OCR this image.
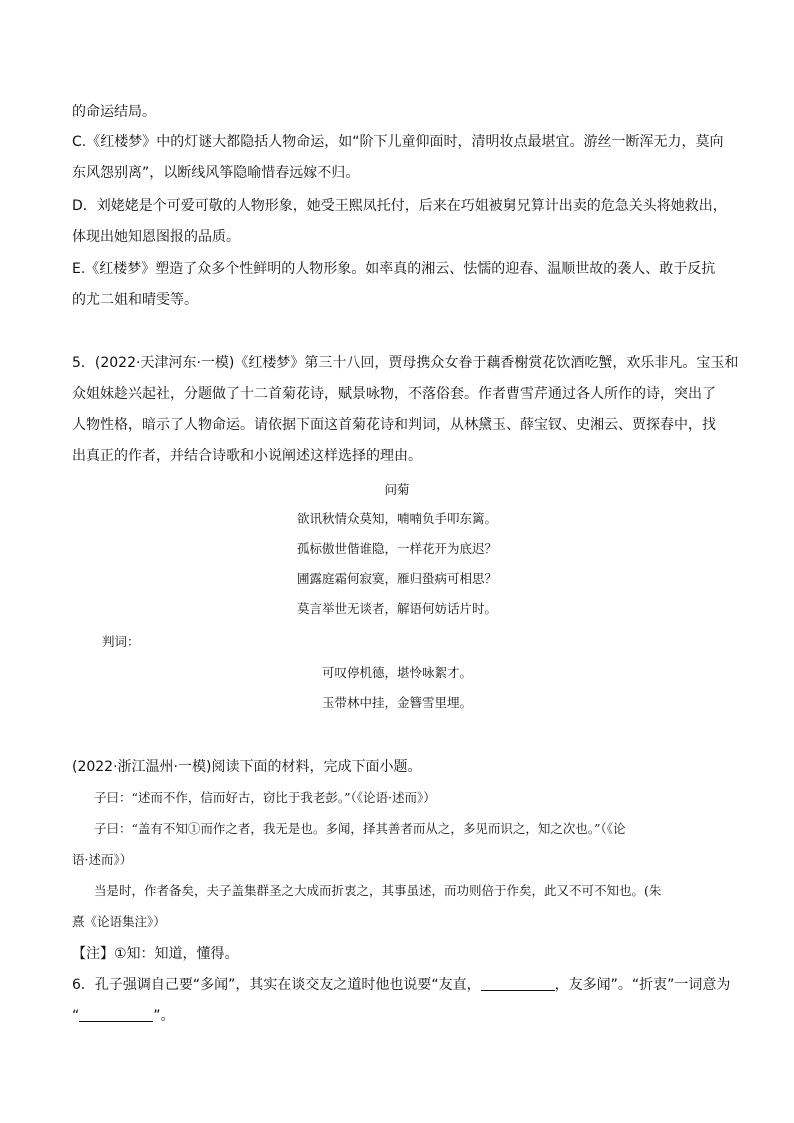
的命运结局。
C.《红楼梦》中的灯谜大都隐括人物命运，如“阶下儿童仰面时，清明妆点最堪宜。游丝一断浑无力，莫向
东风怨别离”，以断线风筝隐喻惜春远嫁不归。
D．刘姥姥是个可爱可敬的人物形象，她受王熙凤托付，后来在巧姐被舅兄算计出卖的危急关头将她救出，
体现出她知恩图报的品质。
E.《红楼梦》塑造了众多个性鲜明的人物形象。如率真的湘云、怯懦的迎春、温顺世故的袭人、敢于反抗
的尤二姐和晴雯等。
5．(2022·天津河东·一模)《红楼梦》第三十八回，贾母携众女眷于藕香榭赏花饮酒吃蟹，欢乐非凡。宝玉和
众姐妹趁兴起社，分题做了十二首菊花诗，赋景咏物，不落俗套。作者曹雪芹通过各人所作的诗，突出了
人物性格，暗示了人物命运。请依据下面这首菊花诗和判词，从林黛玉、薛宝钗、史湘云、贾探春中，找
出真正的作者，并结合诗歌和小说阐述这样选择的理由。
问菊
欲讯秋情众莫知，喃喃负手叩东篱。
孤标傲世偕谁隐，一样花开为底迟？
圃露庭霜何寂寞，雁归蛩病可相思？
莫言举世无谈者，解语何妨话片时。
判词：
可叹停机德，堪怜咏絮才。
玉带林中挂，金簪雪里埋。
(2022·浙江温州·一模)阅读下面的材料，完成下面小题。
子曰：“述而不作，信而好古，窃比于我老彭。”（《论语·述而》）
子曰：“盖有不知①而作之者，我无是也。多闻，择其善者而从之，多见而识之，知之次也。”（《论
语·述而》）
当是时，作者备矣，夫子盖集群圣之大成而折衷之，其事虽述，而功则倍于作矣，此又不可不知也。(朱
熹《论语集注》）
【注】①知：知道，懂得。
6．孔子强调自己要“多闻”，其实在谈交友之道时他也说要“友直，	，友多闻”。“折衷”一词意为
“	”。
